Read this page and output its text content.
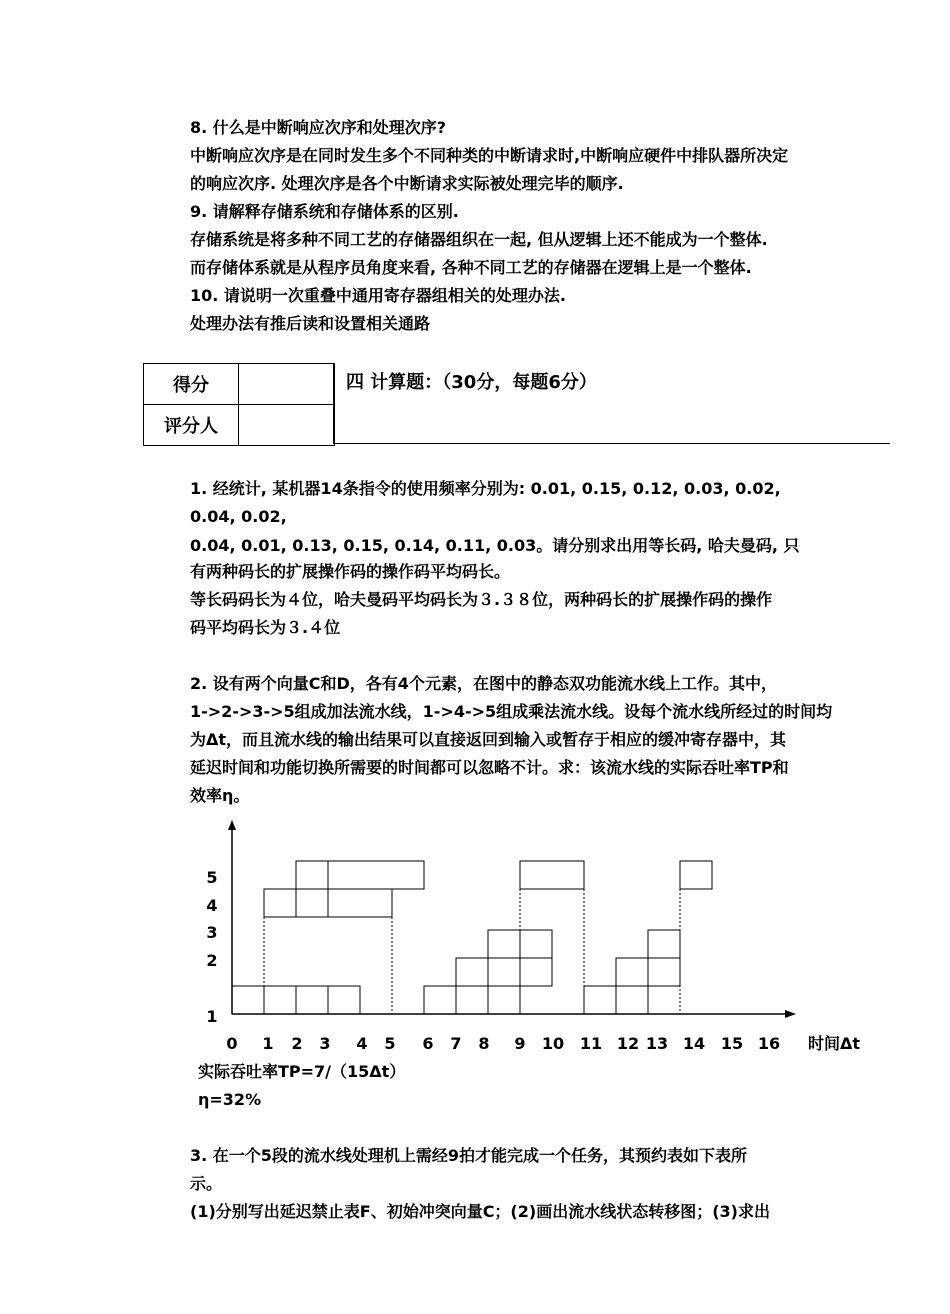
8. 什么是中断响应次序和处理次序?
中断响应次序是在同时发生多个不同种类的中断请求时,中断响应硬件中排队器所决定
的响应次序. 处理次序是各个中断请求实际被处理完毕的顺序.
9. 请解释存储系统和存储体系的区别.
存储系统是将多种不同工艺的存储器组织在一起, 但从逻辑上还不能成为一个整体.
而存储体系就是从程序员角度来看, 各种不同工艺的存储器在逻辑上是一个整体.
10. 请说明一次重叠中通用寄存器组相关的处理办法.
处理办法有推后读和设置相关通路
得分	
评分人	
四 计算题：（30分，每题6分）
1. 经统计, 某机器14条指令的使用频率分别为: 0.01, 0.15, 0.12, 0.03, 0.02,
0.04, 0.02,
0.04, 0.01, 0.13, 0.15, 0.14, 0.11, 0.03。请分别求出用等长码, 哈夫曼码, 只
有两种码长的扩展操作码的操作码平均码长。
等长码码长为４位，哈夫曼码平均码长为３.３８位，两种码长的扩展操作码的操作
码平均码长为３.４位
2. 设有两个向量C和D，各有4个元素，在图中的静态双功能流水线上工作。其中，
1->2->3->5组成加法流水线，1->4->5组成乘法流水线。设每个流水线所经过的时间均
为Δt，而且流水线的输出结果可以直接返回到输入或暂存于相应的缓冲寄存器中，其
延迟时间和功能切换所需要的时间都可以忽略不计。求：该流水线的实际吞吐率TP和
效率η。
0 1 2 3 4 5 6 7 8 9 10 11 12 13 14 15 16
1
2
3
4
5
时间Δt
实际吞吐率TP=7/（15Δt）
η=32%
3. 在一个5段的流水线处理机上需经9拍才能完成一个任务，其预约表如下表所
示。
(1)分别写出延迟禁止表F、初始冲突向量C；(2)画出流水线状态转移图；(3)求出
